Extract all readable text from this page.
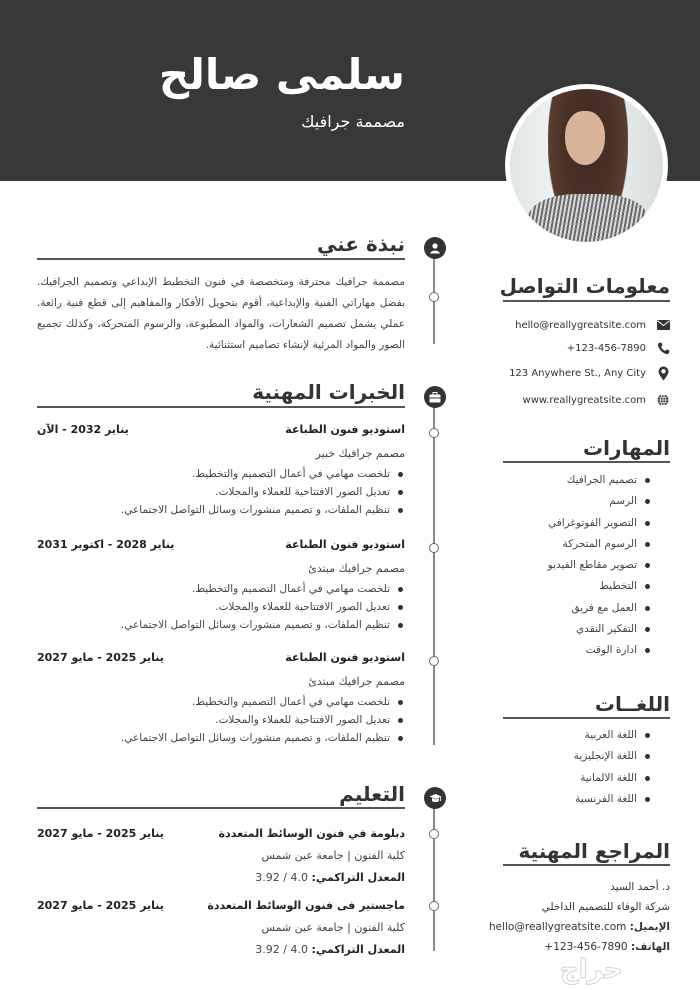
سلمى صالح
مصممة جرافيك
نبذة عني

مصممة جرافيك محترفة ومتخصصة في فنون التخطيط الإبداعي وتصميم الجرافيك. بفضل مهاراتي الفنية والإبداعية، أقوم بتحويل الأفكار والمفاهيم إلى قطع فنية رائعة. عملي يشمل تصميم الشعارات، والمواد المطبوعة، والرسوم المتحركة، وكذلك تجميع الصور والمواد المرئية لإنشاء تصاميم استثنائية.

الخبرات المهنية
استوديو فنون الطباعة
يناير 2032 - الآن
مصمم جرافيك خبير
تلخصت مهامي في أعمال التصميم والتخطيط.
تعديل الصور الافتتاحية للعملاء والمجلات.
تنظيم الملفات، و تصميم منشورات وسائل التواصل الاجتماعي.
استوديو فنون الطباعة
يناير 2028 - اكتوبر 2031
مصمم جرافيك مبتدئ
تلخصت مهامي في أعمال التصميم والتخطيط.
تعديل الصور الافتتاحية للعملاء والمجلات.
تنظيم الملفات، و تصميم منشورات وسائل التواصل الاجتماعي.
استوديو فنون الطباعة
يناير 2025 - مايو 2027
مصمم جرافيك مبتدئ
تلخصت مهامي في أعمال التصميم والتخطيط.
تعديل الصور الافتتاحية للعملاء والمجلات.
تنظيم الملفات، و تصميم منشورات وسائل التواصل الاجتماعي.
التعليم
دبلومة في فنون الوسائط المتعددة
يناير 2025 - مايو 2027
كلية الفنون | جامعة عين شمس
المعدل التراكمي: 3.92 / 4.0
ماجستير فى فنون الوسائط المتعددة
يناير 2025 - مايو 2027
كلية الفنون | جامعة عين شمس
المعدل التراكمي: 3.92 / 4.0
معلومات التواصل
hello@reallygreatsite.com
+123-456-7890
123 Anywhere St., Any City
www.reallygreatsite.com
المهارات
تصميم الجرافيك
الرسم
التصوير الفوتوغرافي
الرسوم المتحركة
تصوير مقاطع الفيديو
التخطيط
العمل مع فريق
التفكير النقدي
ادارة الوقت
اللغــات
اللغة العربية
اللغة الإنجليزية
اللغة الالمانية
اللغة الفرنسية
المراجع المهنية
د. أحمد السيد
شركة الوفاء للتصميم الداخلي
الإيميل: hello@reallygreatsite.com
الهاتف: +123-456-7890
حراج
